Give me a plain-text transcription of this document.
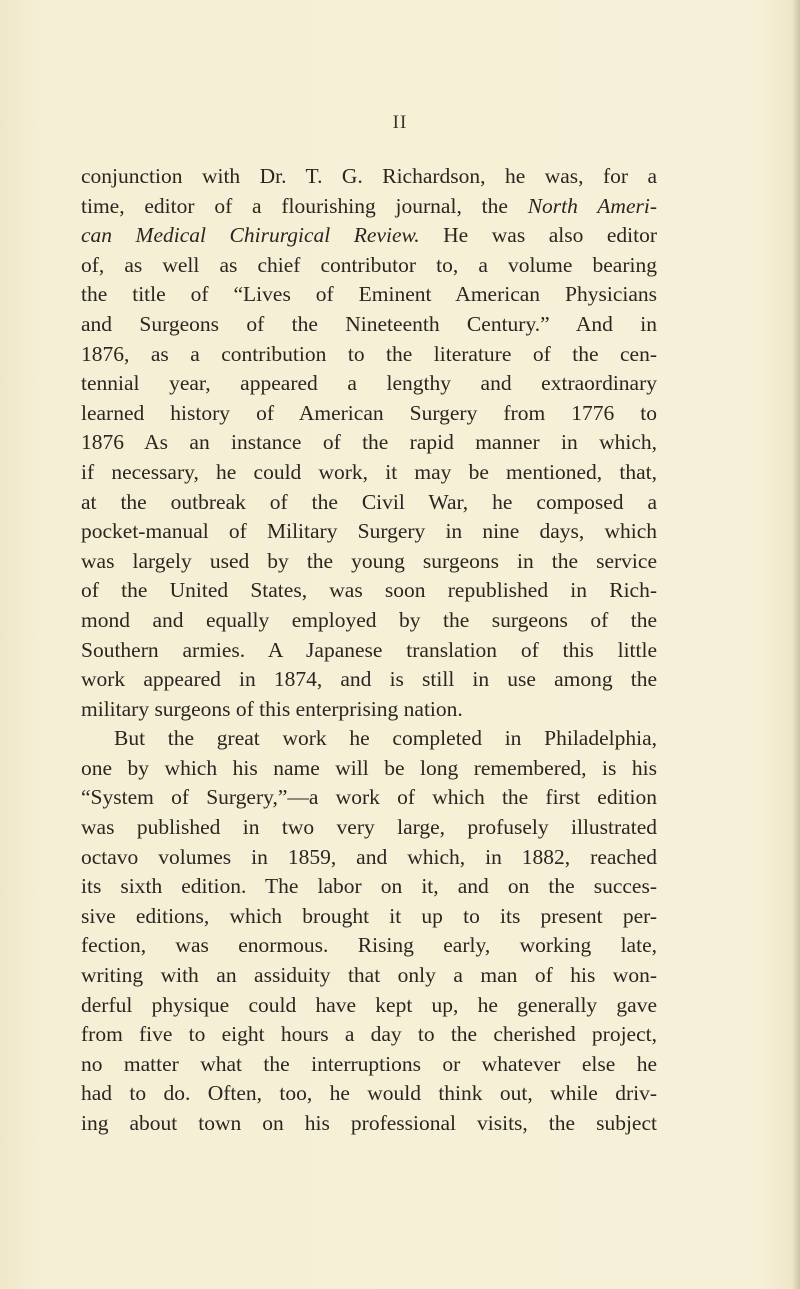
II
conjunction with Dr. T. G. Richardson, he was, for a
time, editor of a flourishing journal, the North Ameri-
can Medical Chirurgical Review. He was also editor
of, as well as chief contributor to, a volume bearing
the title of “Lives of Eminent American Physicians
and Surgeons of the Nineteenth Century.” And in
1876, as a contribution to the literature of the cen-
tennial year, appeared a lengthy and extraordinary
learned history of American Surgery from 1776 to
1876 As an instance of the rapid manner in which,
if necessary, he could work, it may be mentioned, that,
at the outbreak of the Civil War, he composed a
pocket-manual of Military Surgery in nine days, which
was largely used by the young surgeons in the service
of the United States, was soon republished in Rich-
mond and equally employed by the surgeons of the
Southern armies. A Japanese translation of this little
work appeared in 1874, and is still in use among the
military surgeons of this enterprising nation.
But the great work he completed in Philadelphia,
one by which his name will be long remembered, is his
“System of Surgery,”—a work of which the first edition
was published in two very large, profusely illustrated
octavo volumes in 1859, and which, in 1882, reached
its sixth edition. The labor on it, and on the succes-
sive editions, which brought it up to its present per-
fection, was enormous. Rising early, working late,
writing with an assiduity that only a man of his won-
derful physique could have kept up, he generally gave
from five to eight hours a day to the cherished project,
no matter what the interruptions or whatever else he
had to do. Often, too, he would think out, while driv-
ing about town on his professional visits, the subject
